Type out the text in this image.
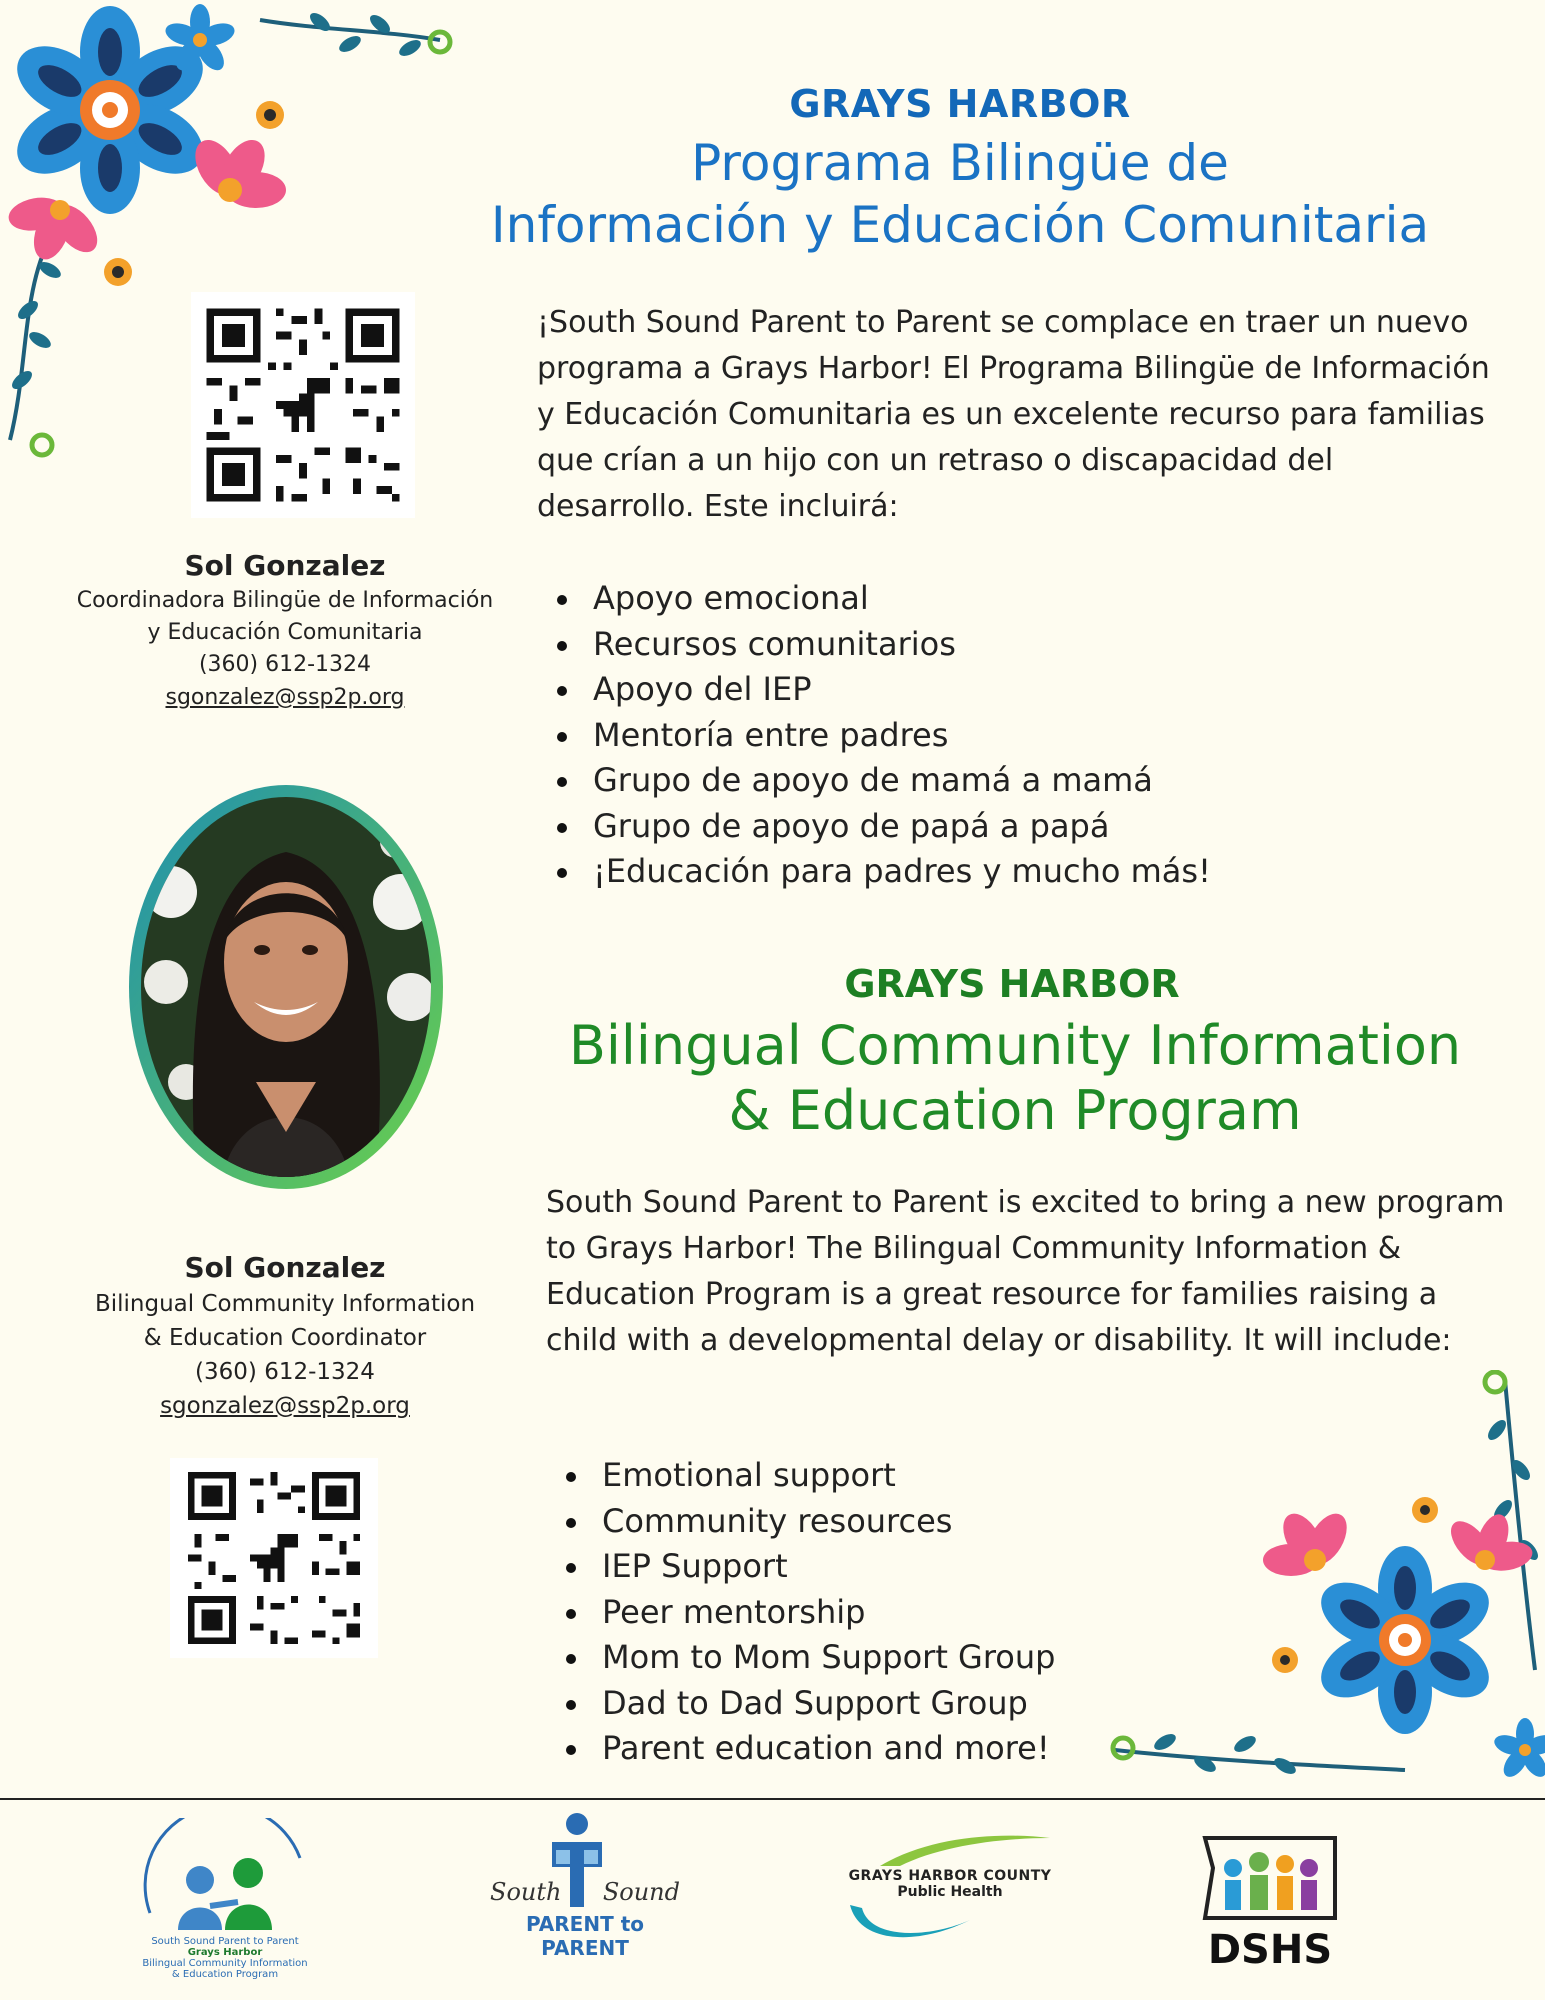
GRAYS HARBOR
Programa Bilingüe de
Información y Educación Comunitaria
¡South Sound Parent to Parent se complace en traer un nuevo programa a Grays Harbor! El Programa Bilingüe de Información y Educación Comunitaria es un excelente recurso para familias que crían a un hijo con un retraso o discapacidad del desarrollo. Este incluirá:
Apoyo emocional
Recursos comunitarios
Apoyo del IEP
Mentoría entre padres
Grupo de apoyo de mamá a mamá
Grupo de apoyo de papá a papá
¡Educación para padres y mucho más!
Sol Gonzalez
Coordinadora Bilingüe de Información
y Educación Comunitaria
(360) 612-1324
sgonzalez@ssp2p.org
GRAYS HARBOR
Bilingual Community Information
& Education Program
South Sound Parent to Parent is excited to bring a new program to Grays Harbor! The Bilingual Community Information & Education Program is a great resource for families raising a child with a developmental delay or disability. It will include:
Emotional support
Community resources
IEP Support
Peer mentorship
Mom to Mom Support Group
Dad to Dad Support Group
Parent education and more!
Sol Gonzalez
Bilingual Community Information
& Education Coordinator
(360) 612-1324
sgonzalez@ssp2p.org
South Sound Parent to Parent
Grays Harbor
Bilingual Community Information
& Education Program
South Sound
PARENT to PARENT
GRAYS HARBOR COUNTY
Public Health
DSHS
